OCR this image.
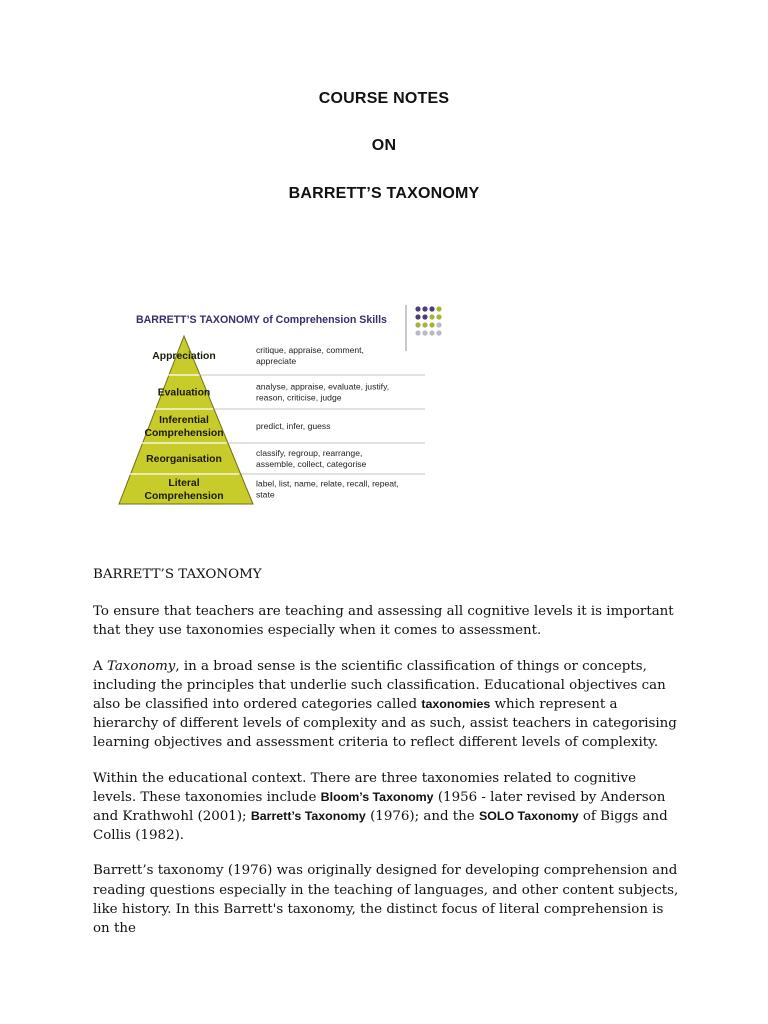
COURSE NOTES
ON
BARRETT’S TAXONOMY
BARRETT’S TAXONOMY of Comprehension Skills
Appreciation
Evaluation
Inferential
Comprehension
Reorganisation
Literal
Comprehension
critique, appraise, comment,
appreciate
analyse, appraise, evaluate, justify,
reason, criticise, judge
predict, infer, guess
classify, regroup, rearrange,
assemble, collect, categorise
label, list, name, relate, recall, repeat,
state

BARRETT’S TAXONOMY

To ensure that teachers are teaching and assessing all cognitive levels it is important that they use taxonomies especially when it comes to assessment.

A Taxonomy, in a broad sense is the scientific classification of things or concepts, including the principles that underlie such classification. Educational objectives can also be classified into ordered categories called taxonomies which represent a hierarchy of different levels of complexity and as such, assist teachers in categorising learning objectives and assessment criteria to reflect different levels of complexity.

Within the educational context. There are three taxonomies related to cognitive levels. These taxonomies include Bloom’s Taxonomy (1956 - later revised by Anderson and Krathwohl (2001); Barrett’s Taxonomy (1976); and the SOLO Taxonomy of Biggs and Collis (1982).

Barrett’s taxonomy (1976) was originally designed for developing comprehension and reading questions especially in the teaching of languages, and other content subjects, like history. In this Barrett's taxonomy, the distinct focus of literal comprehension is on the
